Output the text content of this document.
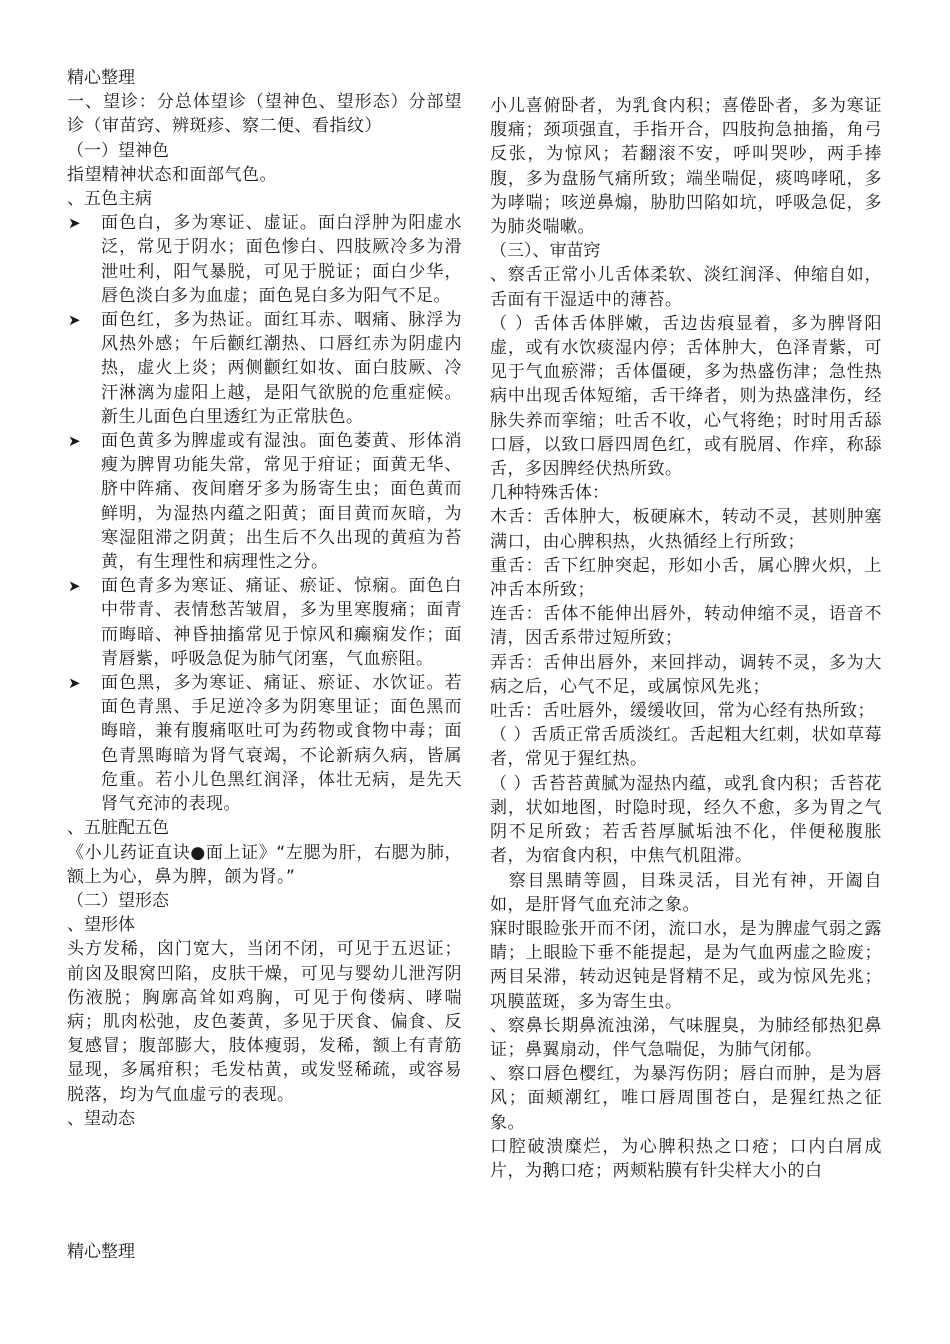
精心整理

一、望诊：分总体望诊（望神色、望形态）分部望诊（审苗窍、辨斑疹、察二便、看指纹）

（一）望神色

指望精神状态和面部气色。

、五色主病

➤	面色白，多为寒证、虚证。面白浮肿为阳虚水泛，常见于阴水；面色惨白、四肢厥冷多为滑泄吐利，阳气暴脱，可见于脱证；面白少华，唇色淡白多为血虚；面色晃白多为阳气不足。
➤	面色红，多为热证。面红耳赤、咽痛、脉浮为风热外感；午后颧红潮热、口唇红赤为阴虚内热，虚火上炎；两侧颧红如妆、面白肢厥、冷汗淋漓为虚阳上越，是阳气欲脱的危重症候。新生儿面色白里透红为正常肤色。
➤	面色黄多为脾虚或有湿浊。面色萎黄、形体消瘦为脾胃功能失常，常见于疳证；面黄无华、脐中阵痛、夜间磨牙多为肠寄生虫；面色黄而鲜明，为湿热内蕴之阳黄；面目黄而灰暗，为寒湿阻滞之阴黄；出生后不久出现的黄疸为苔黄，有生理性和病理性之分。
➤	面色青多为寒证、痛证、瘀证、惊痫。面色白中带青、表情愁苦皱眉，多为里寒腹痛；面青而晦暗、神昏抽搐常见于惊风和癫痫发作；面青唇紫，呼吸急促为肺气闭塞，气血瘀阻。
➤	面色黑，多为寒证、痛证、瘀证、水饮证。若面色青黑、手足逆冷多为阴寒里证；面色黑而晦暗，兼有腹痛呕吐可为药物或食物中毒；面色青黑晦暗为肾气衰竭，不论新病久病，皆属危重。若小儿色黑红润泽，体壮无病，是先天肾气充沛的表现。

、五脏配五色

《小儿药证直诀●面上证》“左腮为肝，右腮为肺，额上为心，鼻为脾，颌为肾。”

（二）望形态

、望形体

头方发稀，囟门宽大，当闭不闭，可见于五迟证；前囟及眼窝凹陷，皮肤干燥，可见与婴幼儿泄泻阴伤液脱；胸廓高耸如鸡胸，可见于佝偻病、哮喘病；肌肉松弛，皮色萎黄，多见于厌食、偏食、反复感冒；腹部膨大，肢体瘦弱，发稀，额上有青筋显现，多属疳积；毛发枯黄，或发竖稀疏，或容易脱落，均为气血虚亏的表现。

、望动态

小儿喜俯卧者，为乳食内积；喜倦卧者，多为寒证腹痛；颈项强直，手指开合，四肢拘急抽搐，角弓反张，为惊风；若翻滚不安，呼叫哭吵，两手捧腹，多为盘肠气痛所致；端坐喘促，痰鸣哮吼，多为哮喘；咳逆鼻煽，胁肋凹陷如坑，呼吸急促，多为肺炎喘嗽。

（三）、审苗窍

、察舌正常小儿舌体柔软、淡红润泽、伸缩自如，舌面有干湿适中的薄苔。

（ ）舌体舌体胖嫩，舌边齿痕显着，多为脾肾阳虚，或有水饮痰湿内停；舌体肿大，色泽青紫，可见于气血瘀滞；舌体僵硬，多为热盛伤津；急性热病中出现舌体短缩，舌干绛者，则为热盛津伤，经脉失养而挛缩；吐舌不收，心气将绝；时时用舌舔口唇，以致口唇四周色红，或有脱屑、作痒，称舔舌，多因脾经伏热所致。

几种特殊舌体：

木舌：舌体肿大，板硬麻木，转动不灵，甚则肿塞满口，由心脾积热，火热循经上行所致；

重舌：舌下红肿突起，形如小舌，属心脾火炽，上冲舌本所致；

连舌：舌体不能伸出唇外，转动伸缩不灵，语音不清，因舌系带过短所致；

弄舌：舌伸出唇外，来回拌动，调转不灵，多为大病之后，心气不足，或属惊风先兆；

吐舌：舌吐唇外，缓缓收回，常为心经有热所致；

（ ）舌质正常舌质淡红。舌起粗大红刺，状如草莓者，常见于猩红热。

（ ）舌苔苔黄腻为湿热内蕴，或乳食内积；舌苔花剥，状如地图，时隐时现，经久不愈，多为胃之气阴不足所致；若舌苔厚腻垢浊不化，伴便秘腹胀者，为宿食内积，中焦气机阻滞。

　察目黑睛等圆，目珠灵活，目光有神，开阖自如，是肝肾气血充沛之象。

寐时眼睑张开而不闭，流口水，是为脾虚气弱之露睛；上眼睑下垂不能提起，是为气血两虚之睑废；两目呆滞，转动迟钝是肾精不足，或为惊风先兆；巩膜蓝斑，多为寄生虫。

、察鼻长期鼻流浊涕，气味腥臭，为肺经郁热犯鼻证；鼻翼扇动，伴气急喘促，为肺气闭郁。

、察口唇色樱红，为暴泻伤阴；唇白而肿，是为唇风；面颊潮红，唯口唇周围苍白，是猩红热之征象。

口腔破溃糜烂，为心脾积热之口疮；口内白屑成片，为鹅口疮；两颊粘膜有针尖样大小的白

精心整理
